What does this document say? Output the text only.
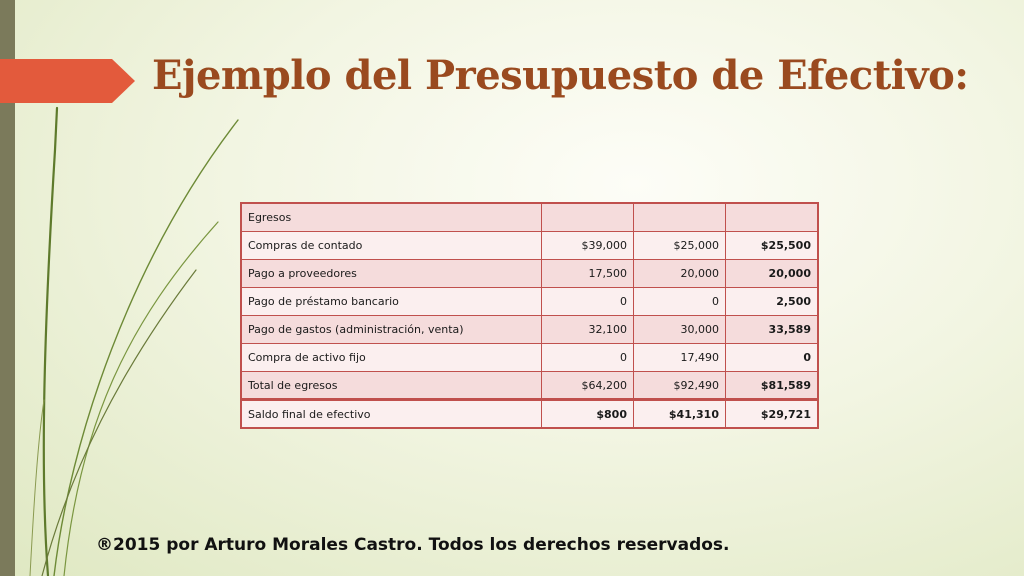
Ejemplo del Presupuesto de Efectivo:
Egresos			
Compras de contado	$39,000	$25,000	$25,500
Pago a proveedores	17,500	20,000	20,000
Pago de préstamo bancario	0	0	2,500
Pago de gastos (administración, venta)	32,100	30,000	33,589
Compra de activo fijo	0	17,490	0
Total de egresos	$64,200	$92,490	$81,589
Saldo final de efectivo	$800	$41,310	$29,721
®2015 por Arturo Morales Castro. Todos los derechos reservados.
